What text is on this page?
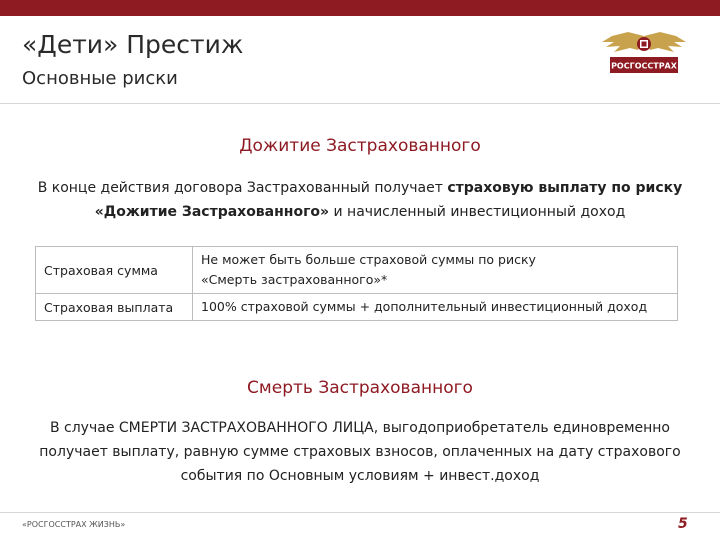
«Дети» Престиж
Основные риски
РОСГОССТРАХ
Дожитие Застрахованного
В конце действия договора Застрахованный получает страховую выплату по риску
«Дожитие Застрахованного» и начисленный инвестиционный доход
Страховая сумма	Не может быть больше страховой суммы по риску
«Смерть застрахованного»*
Страховая выплата	100% страховой суммы + дополнительный инвестиционный доход
Смерть Застрахованного
В случае СМЕРТИ ЗАСТРАХОВАННОГО ЛИЦА, выгодоприобретатель единовременно
получает выплату, равную сумме страховых взносов, оплаченных на дату страхового
события по Основным условиям + инвест.доход
«РОСГОССТРАХ ЖИЗНЬ»	5
